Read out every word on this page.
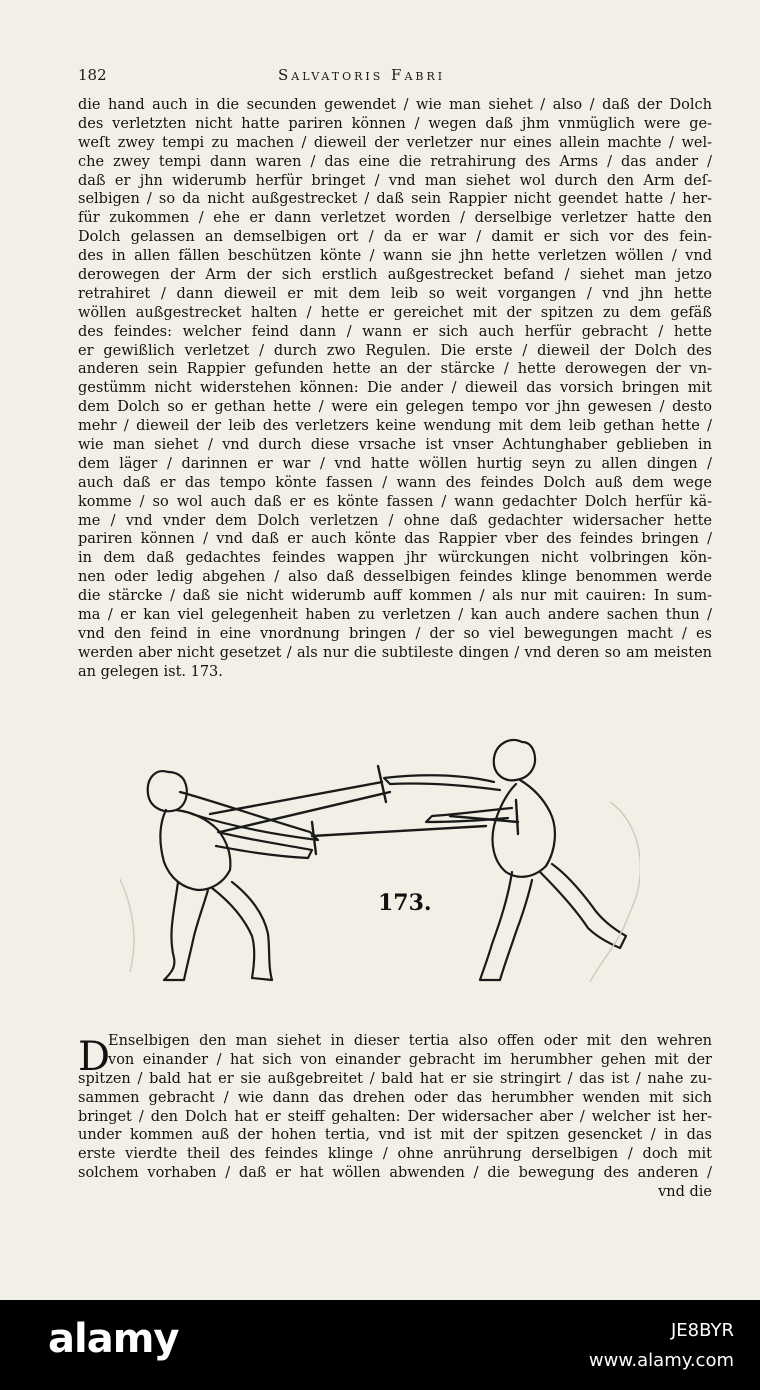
182	Salvatoris Fabri
die hand auch in die secunden gewendet / wie man siehet / also / daß der Dolch
des verletzten nicht hatte pariren können / wegen daß jhm vnmüglich were ge-
weſt zwey tempi zu machen / dieweil der verletzer nur eines allein machte / wel-
che zwey tempi dann waren / das eine die retrahirung des Arms / das ander /
daß er jhn widerumb herfür bringet / vnd man siehet wol durch den Arm deſ-
selbigen / so da nicht außgestrecket / daß sein Rappier nicht geendet hatte / her-
für zukommen / ehe er dann verletzet worden / derselbige verletzer hatte den
Dolch gelassen an demselbigen ort / da er war / damit er sich vor des fein-
des in allen fällen beschützen könte / wann sie jhn hette verletzen wöllen / vnd
derowegen der Arm der sich erstlich außgestrecket befand / siehet man jetzo
retrahiret / dann dieweil er mit dem leib so weit vorgangen / vnd jhn hette
wöllen außgestrecket halten / hette er gereichet mit der spitzen zu dem gefäß
des feindes: welcher feind dann / wann er sich auch herfür gebracht / hette
er gewißlich verletzet / durch zwo Regulen. Die erste / dieweil der Dolch des
anderen sein Rappier gefunden hette an der stärcke / hette derowegen der vn-
gestümm nicht widerstehen können: Die ander / dieweil das vorsich bringen mit
dem Dolch so er gethan hette / were ein gelegen tempo vor jhn gewesen / desto
mehr / dieweil der leib des verletzers keine wendung mit dem leib gethan hette /
wie man siehet / vnd durch diese vrsache ist vnser Achtunghaber geblieben in
dem läger / darinnen er war / vnd hatte wöllen hurtig seyn zu allen dingen /
auch daß er das tempo könte fassen / wann des feindes Dolch auß dem wege
komme / so wol auch daß er es könte fassen / wann gedachter Dolch herfür kä-
me / vnd vnder dem Dolch verletzen / ohne daß gedachter widersacher hette
pariren können / vnd daß er auch könte das Rappier vber des feindes bringen /
in dem daß gedachtes feindes wappen jhr würckungen nicht volbringen kön-
nen oder ledig abgehen / also daß desselbigen feindes klinge benommen werde
die stärcke / daß sie nicht widerumb auff kommen / als nur mit cauiren: In sum-
ma / er kan viel gelegenheit haben zu verletzen / kan auch andere sachen thun /
vnd den feind in eine vnordnung bringen / der so viel bewegungen macht / es
werden aber nicht gesetzet / als nur die subtileste dingen / vnd deren so am meisten
an gelegen ist. 173.
173.
D
Enselbigen den man siehet in dieser tertia also offen oder mit den wehren
von einander / hat sich von einander gebracht im herumbher gehen mit der
spitzen / bald hat er sie außgebreitet / bald hat er sie stringirt / das ist / nahe zu-
sammen gebracht / wie dann das drehen oder das herumbher wenden mit sich
bringet / den Dolch hat er steiff gehalten: Der widersacher aber / welcher ist her-
under kommen auß der hohen tertia, vnd ist mit der spitzen gesencket / in das
erste vierdte theil des feindes klinge / ohne anrührung derselbigen / doch mit
solchem vorhaben / daß er hat wöllen abwenden / die bewegung des anderen /
vnd die
alamy	JE8BYR
www.alamy.com
